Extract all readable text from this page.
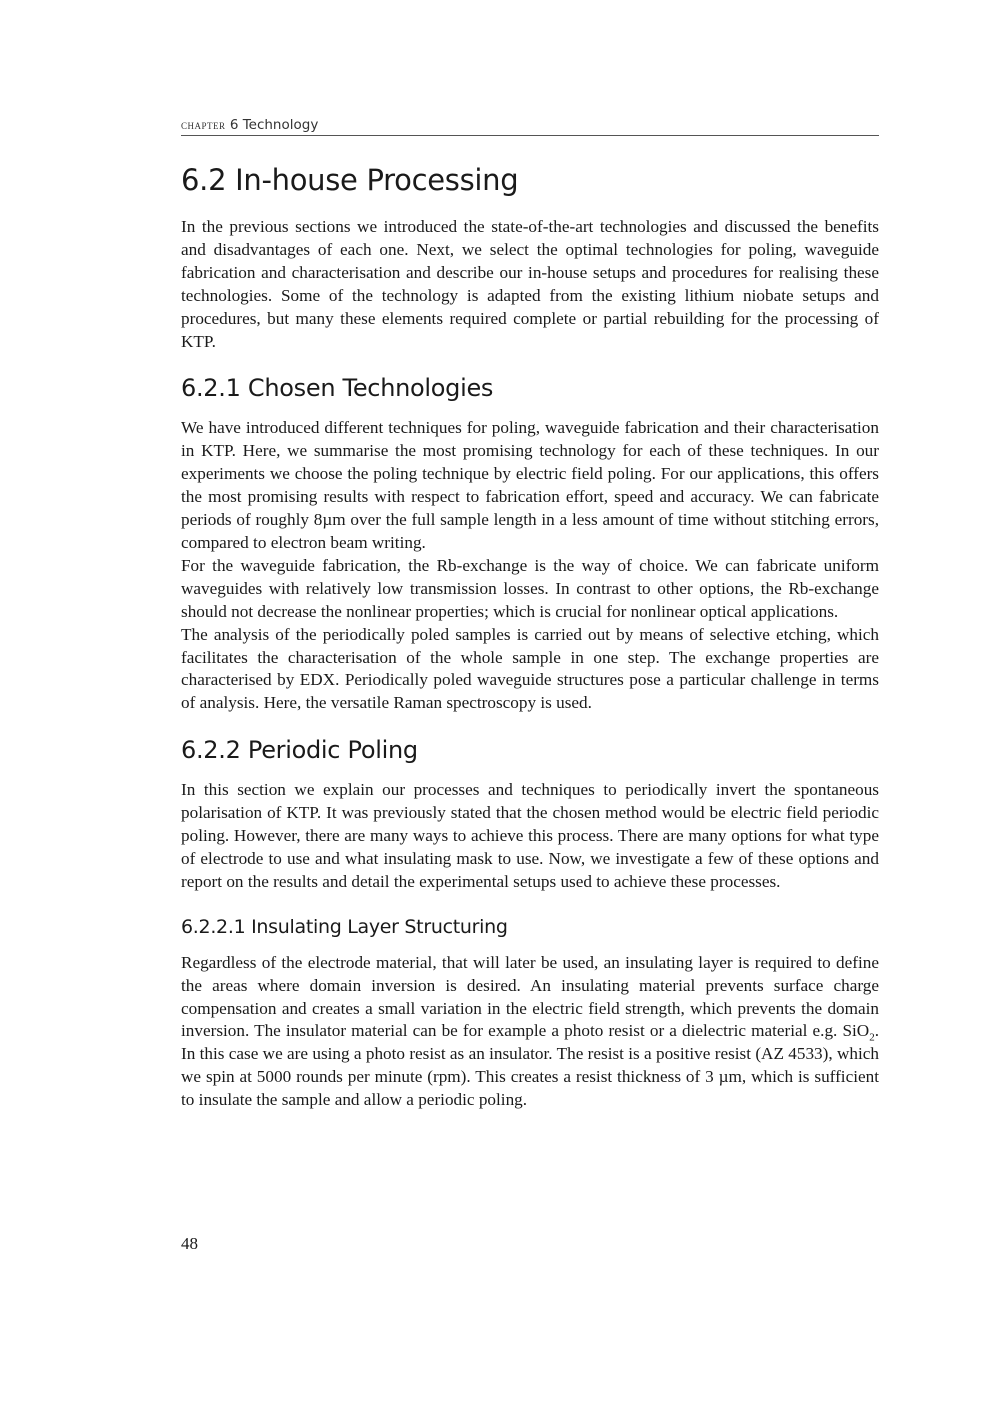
chapter 6 Technology
6.2 In-house Processing

In the previous sections we introduced the state-of-the-art technologies and discussed the benefits and disadvantages of each one. Next, we select the optimal technologies for poling, waveguide fabrication and characterisation and describe our in-house setups and procedures for realising these technologies. Some of the technology is adapted from the existing lithium niobate setups and procedures, but many these elements required complete or partial rebuilding for the processing of KTP.

6.2.1 Chosen Technologies

We have introduced different techniques for poling, waveguide fabrication and their characterisation in KTP. Here, we summarise the most promising technology for each of these techniques. In our experiments we choose the poling technique by electric field poling. For our applications, this offers the most promising results with respect to fabrication effort, speed and accuracy. We can fabricate periods of roughly 8µm over the full sample length in a less amount of time without stitching errors, compared to electron beam writing.

For the waveguide fabrication, the Rb-exchange is the way of choice. We can fabricate uniform waveguides with relatively low transmission losses. In contrast to other options, the Rb-exchange should not decrease the nonlinear properties; which is crucial for nonlinear optical applications.

The analysis of the periodically poled samples is carried out by means of selective etching, which facilitates the characterisation of the whole sample in one step. The exchange properties are characterised by EDX. Periodically poled waveguide structures pose a particular challenge in terms of analysis. Here, the versatile Raman spectroscopy is used.

6.2.2 Periodic Poling

In this section we explain our processes and techniques to periodically invert the spontaneous polarisation of KTP. It was previously stated that the chosen method would be electric field periodic poling. However, there are many ways to achieve this process. There are many options for what type of electrode to use and what insulating mask to use. Now, we investigate a few of these options and report on the results and detail the experimental setups used to achieve these processes.

6.2.2.1 Insulating Layer Structuring

Regardless of the electrode material, that will later be used, an insulating layer is required to define the areas where domain inversion is desired. An insulating material prevents surface charge compensation and creates a small variation in the electric field strength, which prevents the domain inversion. The insulator material can be for example a photo resist or a dielectric material e.g. SiO$_2$. In this case we are using a photo resist as an insulator. The resist is a positive resist (AZ 4533), which we spin at 5000 rounds per minute (rpm). This creates a resist thickness of 3 µm, which is sufficient to insulate the sample and allow a periodic poling.

48
